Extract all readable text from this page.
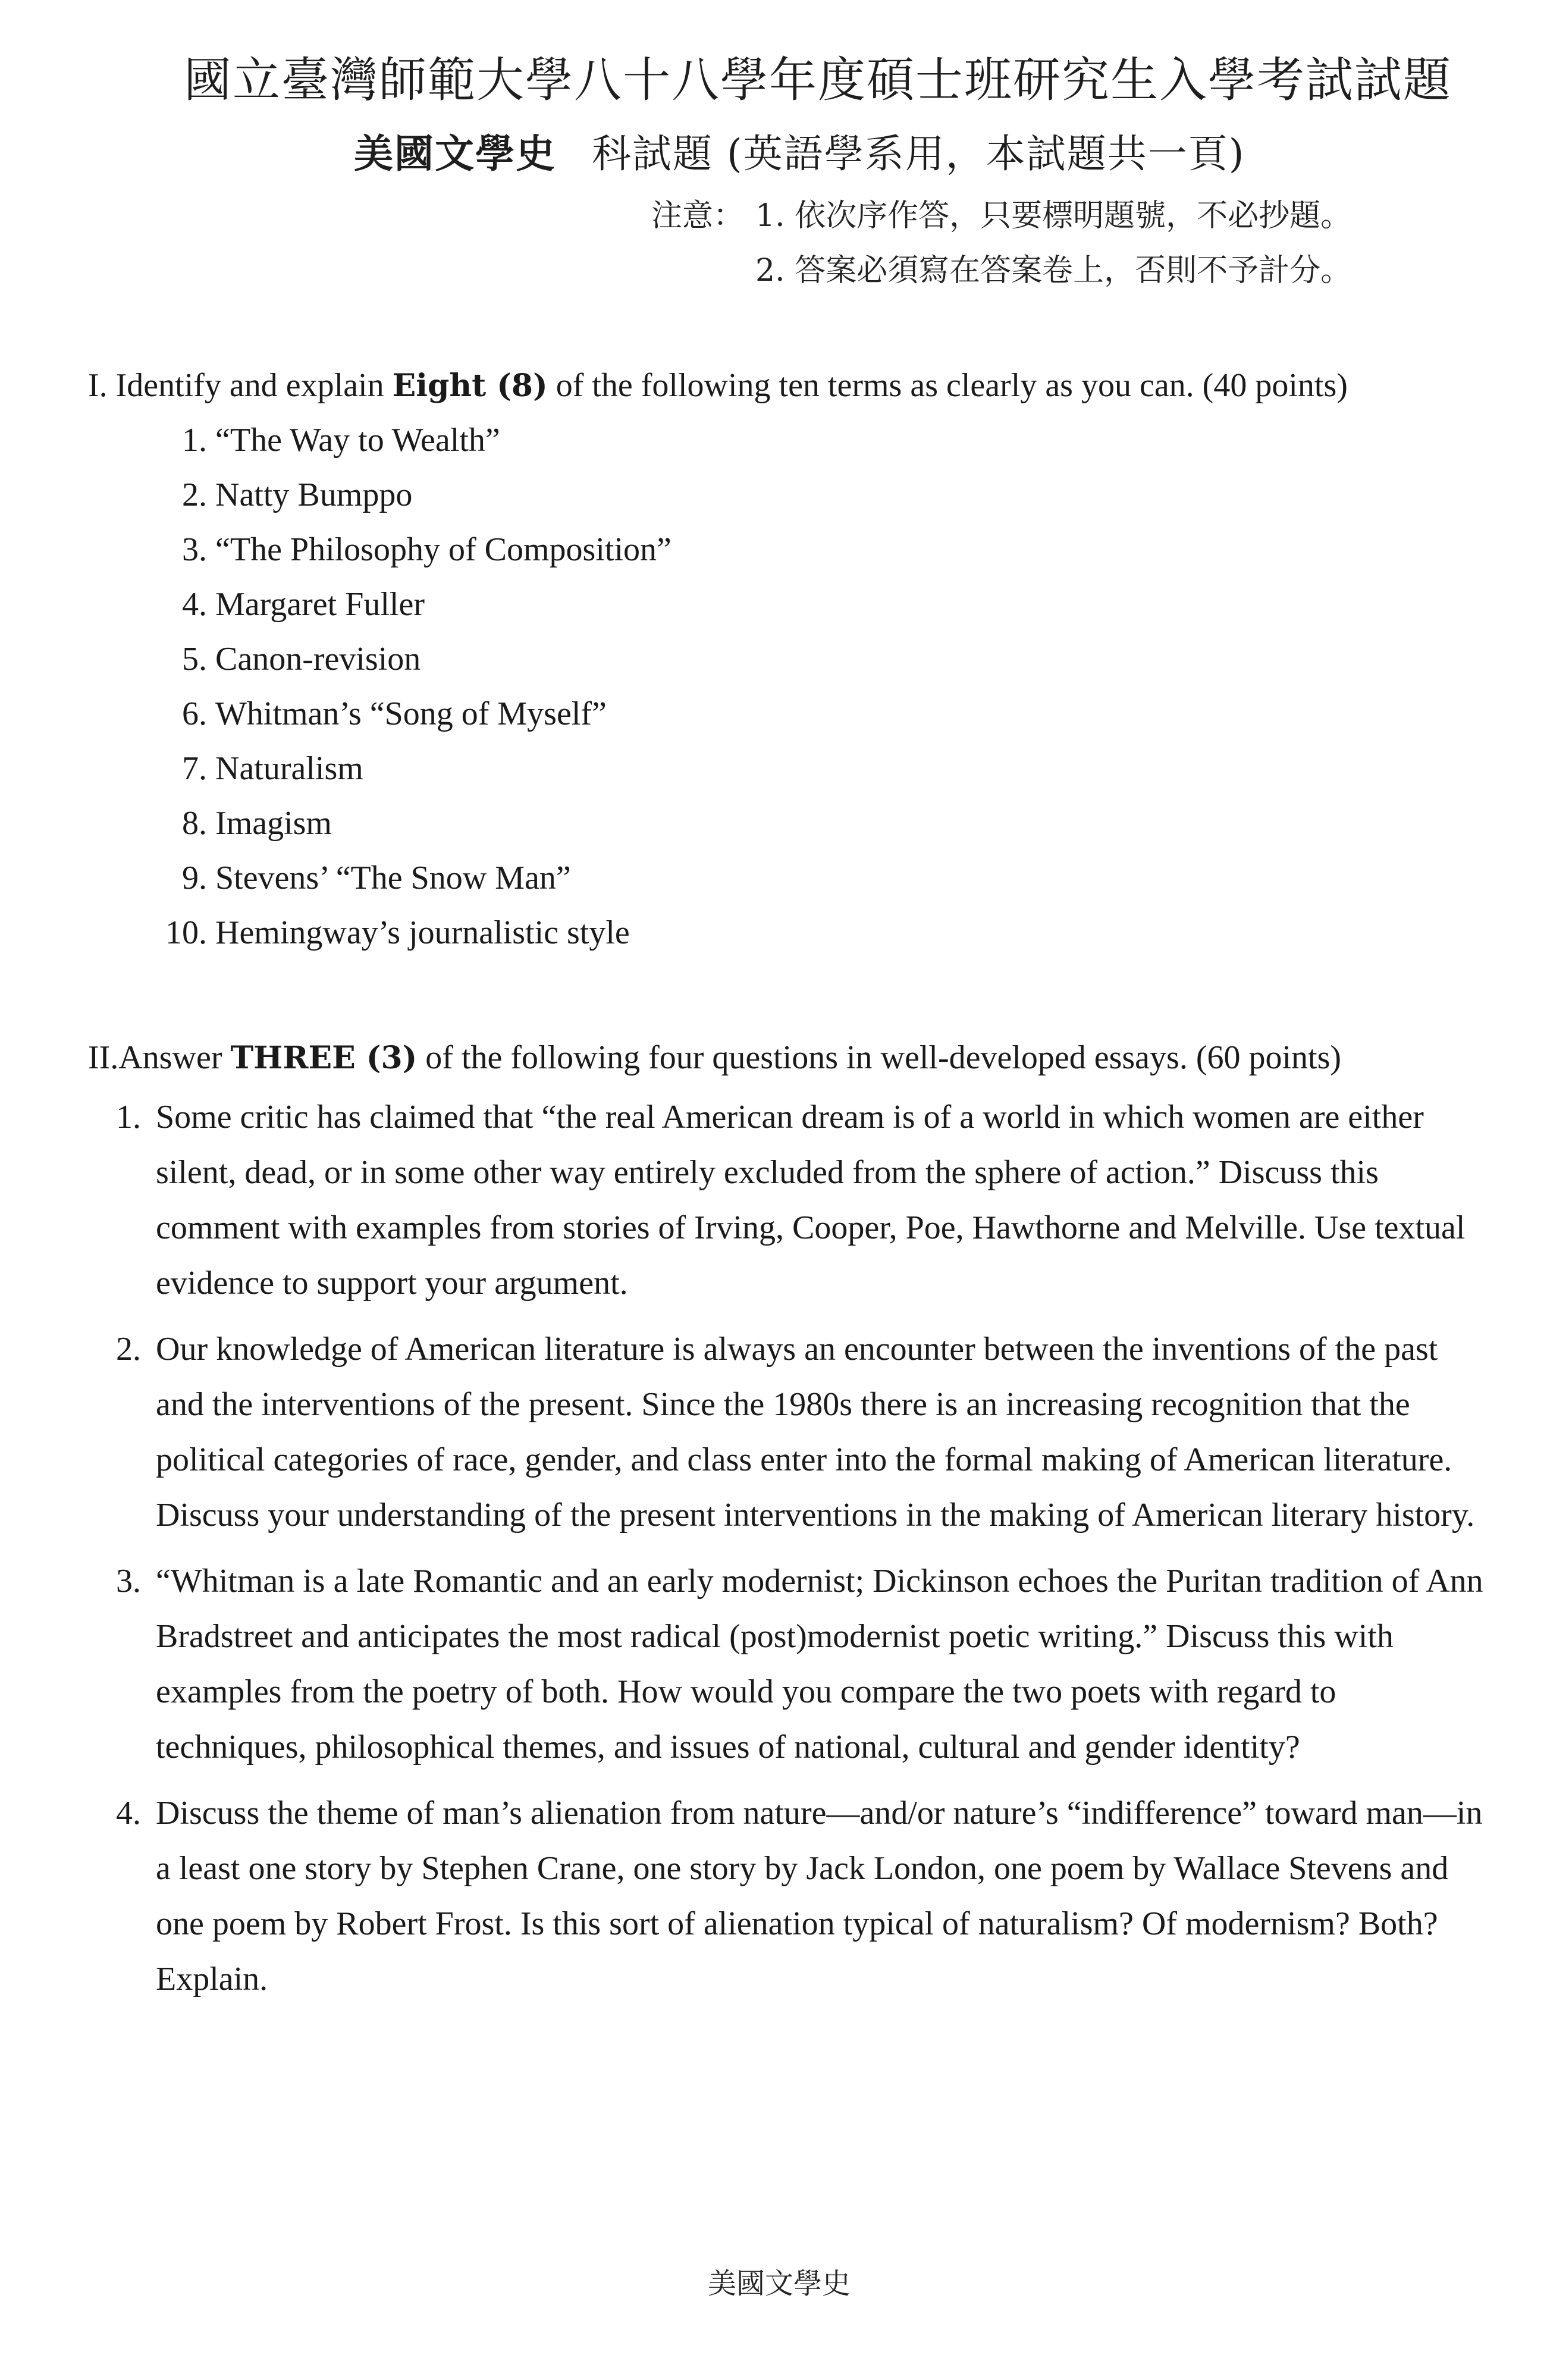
國立臺灣師範大學八十八學年度碩士班研究生入學考試試題
美國文學史 科試題 (英語學系用，本試題共一頁)
注意： 1. 依次序作答，只要標明題號，不必抄題。
2. 答案必須寫在答案卷上，否則不予計分。
I. Identify and explain Eight (8) of the following ten terms as clearly as you can. (40 points)
1. “The Way to Wealth”
2. Natty Bumppo
3. “The Philosophy of Composition”
4. Margaret Fuller
5. Canon-revision
6. Whitman’s “Song of Myself”
7. Naturalism
8. Imagism
9. Stevens’ “The Snow Man”
10. Hemingway’s journalistic style
II.Answer THREE (3) of the following four questions in well-developed essays. (60 points)
1. Some critic has claimed that “the real American dream is of a world in which women are either silent, dead, or in some other way entirely excluded from the sphere of action.” Discuss this comment with examples from stories of Irving, Cooper, Poe, Hawthorne and Melville. Use textual evidence to support your argument.
2. Our knowledge of American literature is always an encounter between the inventions of the past and the interventions of the present. Since the 1980s there is an increasing recognition that the political categories of race, gender, and class enter into the formal making of American literature. Discuss your understanding of the present interventions in the making of American literary history.
3. “Whitman is a late Romantic and an early modernist; Dickinson echoes the Puritan tradition of Ann Bradstreet and anticipates the most radical (post)modernist poetic writing.” Discuss this with examples from the poetry of both. How would you compare the two poets with regard to techniques, philosophical themes, and issues of national, cultural and gender identity?
4. Discuss the theme of man’s alienation from nature—and/or nature’s “indifference” toward man—in a least one story by Stephen Crane, one story by Jack London, one poem by Wallace Stevens and one poem by Robert Frost. Is this sort of alienation typical of naturalism? Of modernism? Both? Explain.
美國文學史
